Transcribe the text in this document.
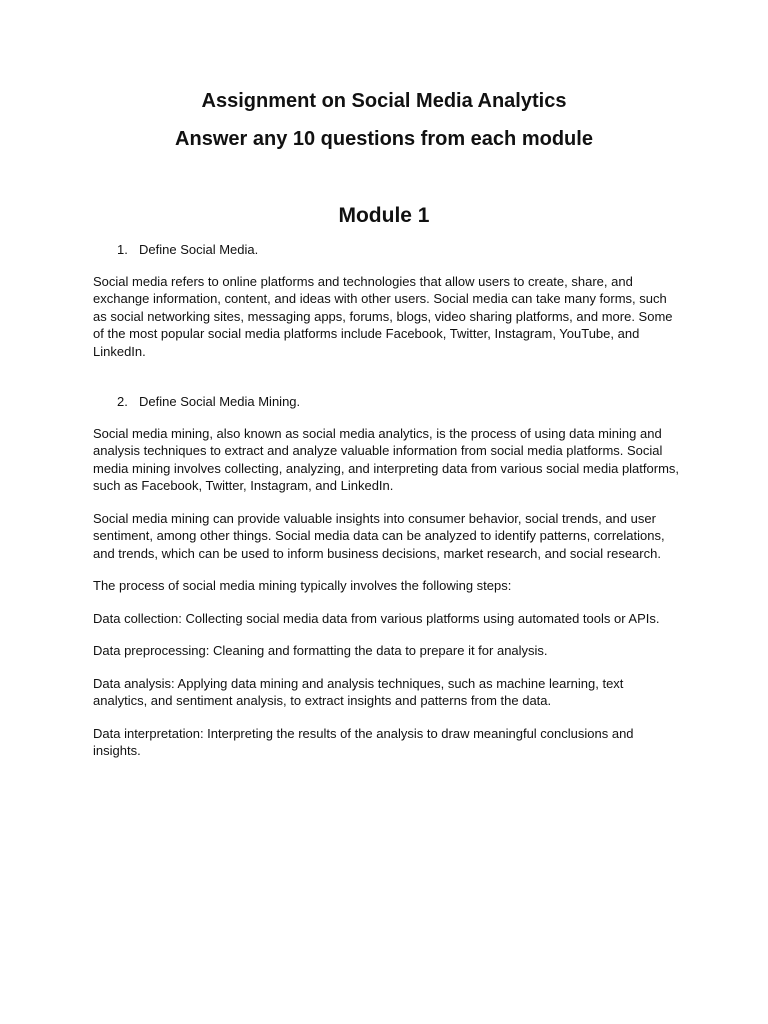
Assignment on Social Media Analytics
Answer any 10 questions from each module
Module 1
1. Define Social Media.

Social media refers to online platforms and technologies that allow users to create, share, and exchange information, content, and ideas with other users. Social media can take many forms, such as social networking sites, messaging apps, forums, blogs, video sharing platforms, and more. Some of the most popular social media platforms include Facebook, Twitter, Instagram, YouTube, and LinkedIn.

2. Define Social Media Mining.

Social media mining, also known as social media analytics, is the process of using data mining and analysis techniques to extract and analyze valuable information from social media platforms. Social media mining involves collecting, analyzing, and interpreting data from various social media platforms, such as Facebook, Twitter, Instagram, and LinkedIn.

Social media mining can provide valuable insights into consumer behavior, social trends, and user sentiment, among other things. Social media data can be analyzed to identify patterns, correlations, and trends, which can be used to inform business decisions, market research, and social research.

The process of social media mining typically involves the following steps:

Data collection: Collecting social media data from various platforms using automated tools or APIs.

Data preprocessing: Cleaning and formatting the data to prepare it for analysis.

Data analysis: Applying data mining and analysis techniques, such as machine learning, text analytics, and sentiment analysis, to extract insights and patterns from the data.

Data interpretation: Interpreting the results of the analysis to draw meaningful conclusions and insights.
